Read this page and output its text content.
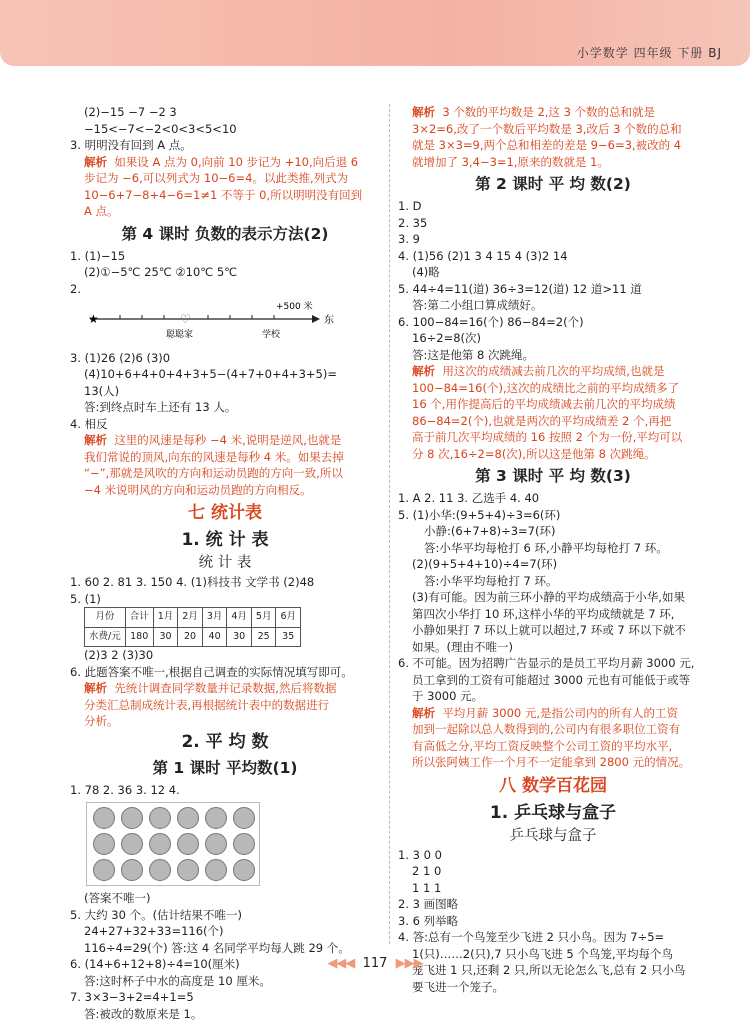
小学数学 四年级 下册 BJ
(2)−15 −7 −2 3
−15<−7<−2<0<3<5<10
3. 明明没有回到 A 点。
解析 如果设 A 点为 0,向前 10 步记为 +10,向后退 6
步记为 −6,可以列式为 10−6=4。以此类推,列式为
10−6+7−8+4−6=1≠1 不等于 0,所以明明没有回到
A 点。
第 4 课时 负数的表示方法(2)
1. (1)−15
(2)①−5℃ 25℃ ②10℃ 5℃
2.
+500 米
东
★	♡
聪聪家	学校
3. (1)26 (2)6 (3)0
(4)10+6+4+0+4+3+5−(4+7+0+4+3+5)=
13(人)
答:到终点时车上还有 13 人。
4. 相反
解析 这里的风速是每秒 −4 米,说明是逆风,也就是
我们常说的顶风,向东的风速是每秒 4 米。如果去掉
“−”,那就是风吹的方向和运动员跑的方向一致,所以
−4 米说明风的方向和运动员跑的方向相反。
七 统计表
1. 统 计 表
统 计 表
1. 60 2. 81 3. 150 4. (1)科技书 文学书 (2)48
5. (1)
月份	合计	1月	2月	3月	4月	5月	6月
水费/元	180	30	20	40	30	25	35
(2)3 2 (3)30
6. 此题答案不唯一,根据自己调查的实际情况填写即可。
解析 先统计调查同学数量并记录数据,然后将数据
分类汇总制成统计表,再根据统计表中的数据进行
分析。
2. 平 均 数
第 1 课时 平均数(1)
1. 78 2. 36 3. 12 4.
(答案不唯一)
5. 大约 30 个。(估计结果不唯一)
24+27+32+33=116(个)
116÷4=29(个) 答:这 4 名同学平均每人跳 29 个。
6. (14+6+12+8)÷4=10(厘米)
答:这时杯子中水的高度是 10 厘米。
7. 3×3−3+2=4+1=5
答:被改的数原来是 1。
解析 3 个数的平均数是 2,这 3 个数的总和就是
3×2=6,改了一个数后平均数是 3,改后 3 个数的总和
就是 3×3=9,两个总和相差的差是 9−6=3,被改的 4
就增加了 3,4−3=1,原来的数就是 1。
第 2 课时 平 均 数(2)
1. D
2. 35
3. 9
4. (1)56 (2)1 3 4 15 4 (3)2 14
(4)略
5. 44÷4=11(道) 36÷3=12(道) 12 道>11 道
答:第二小组口算成绩好。
6. 100−84=16(个) 86−84=2(个)
16÷2=8(次)
答:这是他第 8 次跳绳。
解析 用这次的成绩减去前几次的平均成绩,也就是
100−84=16(个),这次的成绩比之前的平均成绩多了
16 个,用作提高后的平均成绩减去前几次的平均成绩
86−84=2(个),也就是两次的平均成绩差 2 个,再把
高于前几次平均成绩的 16 按照 2 个为一份,平均可以
分 8 次,16÷2=8(次),所以这是他第 8 次跳绳。
第 3 课时 平 均 数(3)
1. A 2. 11 3. 乙选手 4. 40
5. (1)小华:(9+5+4)÷3=6(环)
小静:(6+7+8)÷3=7(环)
答:小华平均每枪打 6 环,小静平均每枪打 7 环。
(2)(9+5+4+10)÷4=7(环)
答:小华平均每枪打 7 环。
(3)有可能。因为前三环小静的平均成绩高于小华,如果
第四次小华打 10 环,这样小华的平均成绩就是 7 环,
小静如果打 7 环以上就可以超过,7 环或 7 环以下就不
如果。(理由不唯一)
6. 不可能。因为招聘广告显示的是员工平均月薪 3000 元,
员工拿到的工资有可能超过 3000 元也有可能低于或等
于 3000 元。
解析 平均月薪 3000 元,是指公司内的所有人的工资
加到一起除以总人数得到的,公司内有很多职位工资有
有高低之分,平均工资反映整个公司工资的平均水平,
所以张阿姨工作一个月不一定能拿到 2800 元的情况。
八 数学百花园
1. 乒乓球与盒子
乒乓球与盒子
1. 3 0 0
2 1 0
1 1 1
2. 3 画图略
3. 6 列举略
4. 答:总有一个鸟笼至少飞进 2 只小鸟。因为 7÷5=
1(只)……2(只),7 只小鸟飞进 5 个鸟笼,平均每个鸟
笼飞进 1 只,还剩 2 只,所以无论怎么飞,总有 2 只小鸟
要飞进一个笼子。
◀◀◀ 117 ▶▶▶
